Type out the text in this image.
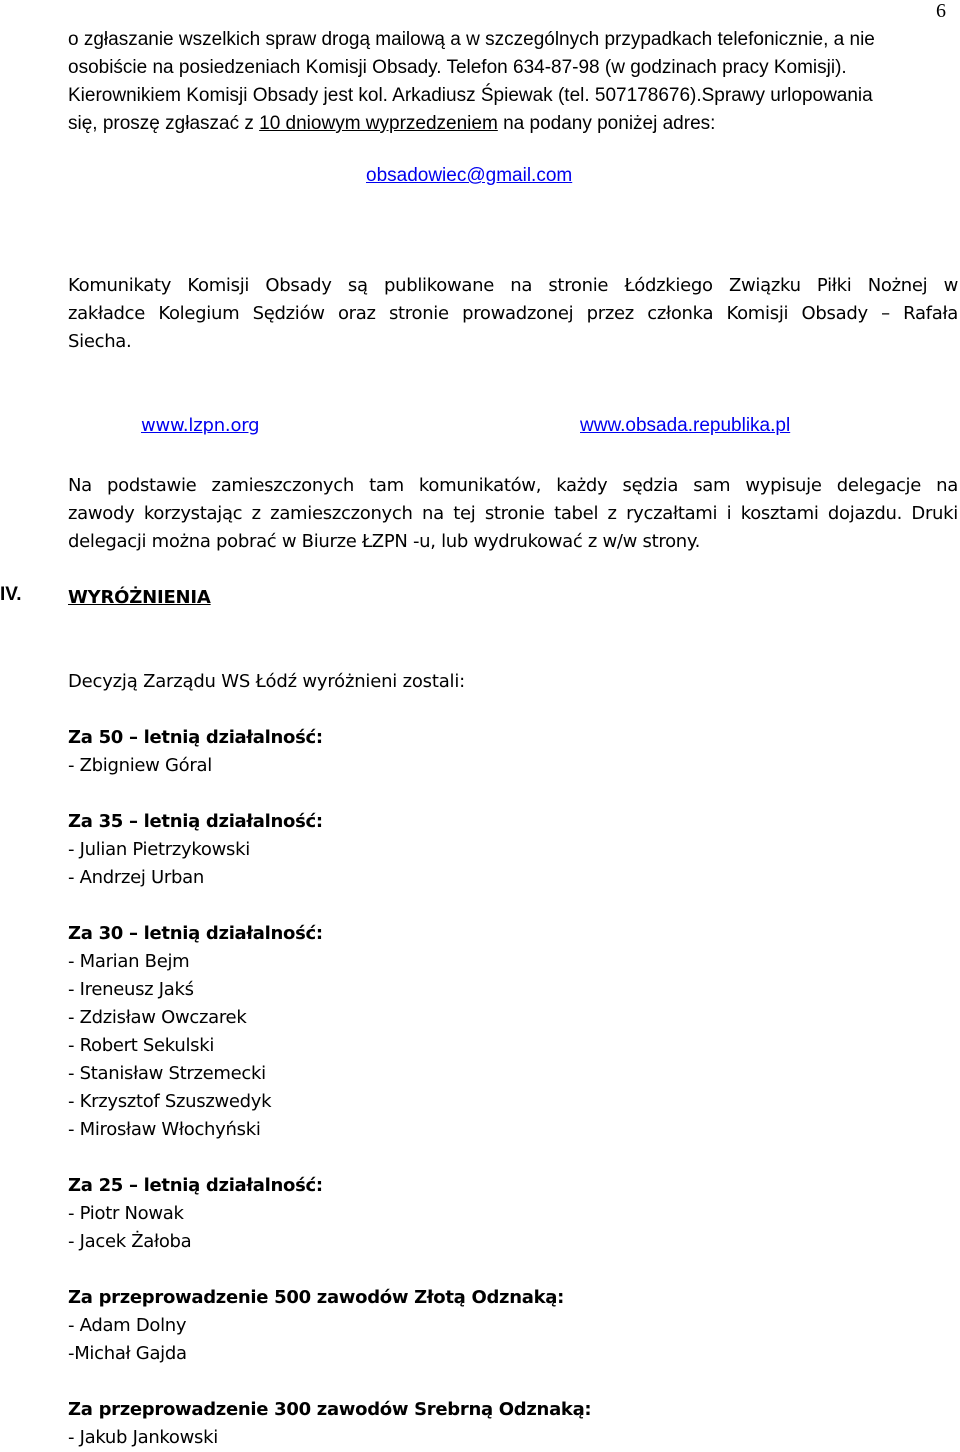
6
o zgłaszanie wszelkich spraw drogą mailową a w szczególnych przypadkach telefonicznie, a nie
osobiście na posiedzeniach Komisji Obsady. Telefon 634-87-98 (w godzinach pracy Komisji).
Kierownikiem Komisji Obsady jest kol. Arkadiusz Śpiewak (tel. 507178676).Sprawy urlopowania
się, proszę zgłaszać z 10 dniowym wyprzedzeniem na podany poniżej adres:
obsadowiec@gmail.com
Komunikaty Komisji Obsady są publikowane na stronie Łódzkiego Związku Piłki Nożnej w
zakładce Kolegium Sędziów oraz stronie prowadzonej przez członka Komisji Obsady – Rafała
Siecha.
www.lzpn.org	www.obsada.republika.pl
Na podstawie zamieszczonych tam komunikatów, każdy sędzia sam wypisuje delegacje na
zawody korzystając z zamieszczonych na tej stronie tabel z ryczałtami i kosztami dojazdu. Druki
delegacji można pobrać w Biurze ŁZPN -u, lub wydrukować z w/w strony.
IV.	WYRÓŻNIENIA
Decyzją Zarządu WS Łódź wyróżnieni zostali:
Za 50 – letnią działalność:
- Zbigniew Góral
Za 35 – letnią działalność:
- Julian Pietrzykowski
- Andrzej Urban
Za 30 – letnią działalność:
- Marian Bejm
- Ireneusz Jakś
- Zdzisław Owczarek
- Robert Sekulski
- Stanisław Strzemecki
- Krzysztof Szuszwedyk
- Mirosław Włochyński
Za 25 – letnią działalność:
- Piotr Nowak
- Jacek Żałoba
Za przeprowadzenie 500 zawodów Złotą Odznaką:
- Adam Dolny
-Michał Gajda
Za przeprowadzenie 300 zawodów Srebrną Odznaką:
- Jakub Jankowski
